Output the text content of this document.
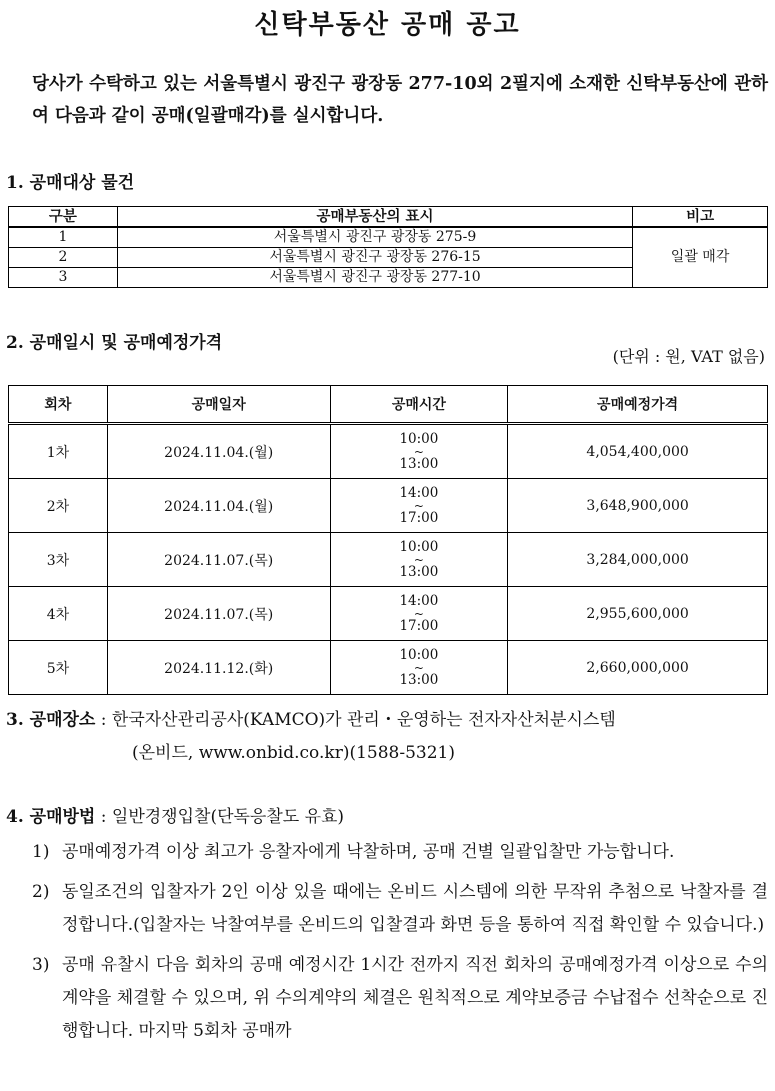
신탁부동산 공매 공고
당사가 수탁하고 있는 서울특별시 광진구 광장동 277-10외 2필지에 소재한 신탁부동산에 관하여 다음과 같이 공매(일괄매각)를 실시합니다.
1. 공매대상 물건
구분	공매부동산의 표시	비고
1	서울특별시 광진구 광장동 275-9	일괄 매각
2	서울특별시 광진구 광장동 276-15	
3	서울특별시 광진구 광장동 277-10	
2. 공매일시 및 공매예정가격
(단위 : 원, VAT 없음)
회차	공매일자	공매시간	공매예정가격
1차	2024.11.04.(월)	10:00
~
13:00	4,054,400,000
2차	2024.11.04.(월)	14:00
~
17:00	3,648,900,000
3차	2024.11.07.(목)	10:00
~
13:00	3,284,000,000
4차	2024.11.07.(목)	14:00
~
17:00	2,955,600,000
5차	2024.11.12.(화)	10:00
~
13:00	2,660,000,000
3. 공매장소 : 한국자산관리공사(KAMCO)가 관리・운영하는 전자자산처분시스템
(온비드, www.onbid.co.kr)(1588-5321)
4. 공매방법 : 일반경쟁입찰(단독응찰도 유효)
1) 공매예정가격 이상 최고가 응찰자에게 낙찰하며, 공매 건별 일괄입찰만 가능합니다.
2) 동일조건의 입찰자가 2인 이상 있을 때에는 온비드 시스템에 의한 무작위 추첨으로 낙찰자를 결정합니다.(입찰자는 낙찰여부를 온비드의 입찰결과 화면 등을 통하여 직접 확인할 수 있습니다.)
3) 공매 유찰시 다음 회차의 공매 예정시간 1시간 전까지 직전 회차의 공매예정가격 이상으로 수의계약을 체결할 수 있으며, 위 수의계약의 체결은 원칙적으로 계약보증금 수납접수 선착순으로 진행합니다. 마지막 5회차 공매까
